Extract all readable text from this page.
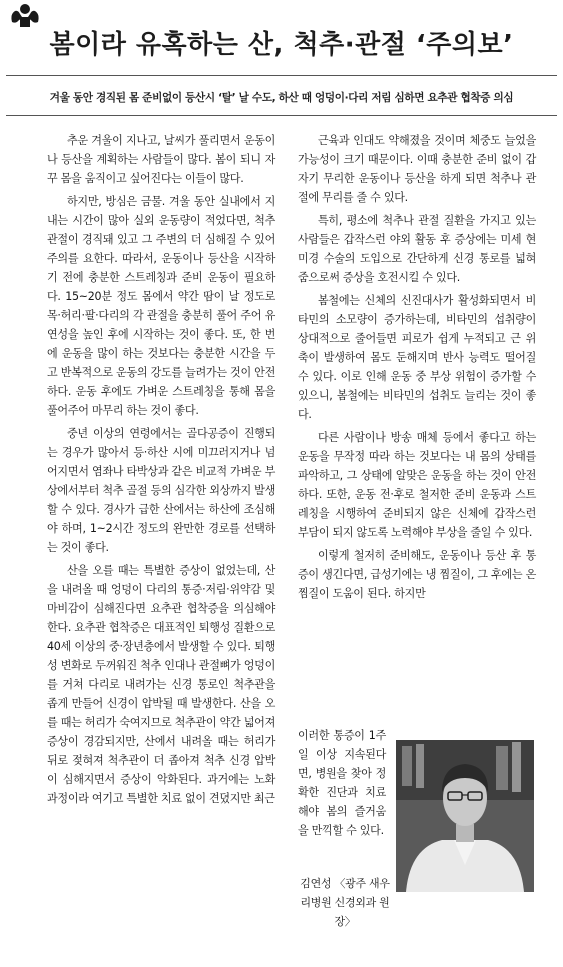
봄이라 유혹하는 산, 척추·관절 ‘주의보’
겨울 동안 경직된 몸 준비없이 등산시 ‘탈’ 날 수도, 하산 때 엉덩이·다리 저림 심하면 요추관 협착증 의심

추운 겨울이 지나고, 날씨가 풀리면서 운동이나 등산을 계획하는 사람들이 많다. 봄이 되니 자꾸 몸을 움직이고 싶어진다는 이들이 많다.

하지만, 방심은 금물. 겨울 동안 실내에서 지내는 시간이 많아 실외 운동량이 적었다면, 척추 관절이 경직돼 있고 그 주변의 더 심해질 수 있어 주의를 요한다. 따라서, 운동이나 등산을 시작하기 전에 충분한 스트레칭과 준비 운동이 필요하다. 15~20분 정도 몸에서 약간 땀이 날 정도로 목·허리·팔·다리의 각 관절을 충분히 풀어 주어 유연성을 높인 후에 시작하는 것이 좋다. 또, 한 번에 운동을 많이 하는 것보다는 충분한 시간을 두고 반복적으로 운동의 강도를 늘려가는 것이 안전하다. 운동 후에도 가벼운 스트레칭을 통해 몸을 풀어주어 마무리 하는 것이 좋다.

중년 이상의 연령에서는 골다공증이 진행되는 경우가 많아서 등·하산 시에 미끄러지거나 넘어지면서 염좌나 타박상과 같은 비교적 가벼운 부상에서부터 척추 골절 등의 심각한 외상까지 발생할 수 있다. 경사가 급한 산에서는 하산에 조심해야 하며, 1~2시간 정도의 완만한 경로를 선택하는 것이 좋다.

산을 오를 때는 특별한 증상이 없었는데, 산을 내려올 때 엉덩이 다리의 통증·저림·위약감 및 마비감이 심해진다면 요추관 협착증을 의심해야 한다. 요추관 협착증은 대표적인 퇴행성 질환으로 40세 이상의 중·장년층에서 발생할 수 있다. 퇴행성 변화로 두꺼워진 척추 인대나 관절뼈가 엉덩이를 거쳐 다리로 내려가는 신경 통로인 척추관을 좁게 만들어 신경이 압박될 때 발생한다. 산을 오를 때는 허리가 숙여지므로 척추관이 약간 넓어져 증상이 경감되지만, 산에서 내려올 때는 허리가 뒤로 젖혀져 척추관이 더 좁아져 척추 신경 압박이 심해지면서 증상이 악화된다. 과거에는 노화 과정이라 여기고 특별한 치료 없이 견뎠지만 최근

근육과 인대도 약해졌을 것이며 체중도 늘었을 가능성이 크기 때문이다. 이때 충분한 준비 없이 갑자기 무리한 운동이나 등산을 하게 되면 척추나 관절에 무리를 줄 수 있다.

특히, 평소에 척추나 관절 질환을 가지고 있는 사람들은 갑작스런 야외 활동 후 증상에는 미세 현미경 수술의 도입으로 간단하게 신경 통로를 넓혀줌으로써 증상을 호전시킬 수 있다.

봄철에는 신체의 신진대사가 활성화되면서 비타민의 소모량이 증가하는데, 비타민의 섭취량이 상대적으로 줄어들면 피로가 쉽게 누적되고 근 위축이 발생하여 몸도 둔해지며 반사 능력도 떨어질 수 있다. 이로 인해 운동 중 부상 위험이 증가할 수 있으니, 봄철에는 비타민의 섭취도 늘리는 것이 좋다.

다른 사람이나 방송 매체 등에서 좋다고 하는 운동을 무작정 따라 하는 것보다는 내 몸의 상태를 파악하고, 그 상태에 알맞은 운동을 하는 것이 안전하다. 또한, 운동 전·후로 철저한 준비 운동과 스트레칭을 시행하여 준비되지 않은 신체에 갑작스런 부담이 되지 않도록 노력해야 부상을 줄일 수 있다.

이렇게 철저히 준비해도, 운동이나 등산 후 통증이 생긴다면, 급성기에는 냉 찜질이, 그 후에는 온 찜질이 도움이 된다. 하지만

이러한 통증이 1주일 이상 지속된다면, 병원을 찾아 정확한 진단과 치료해야 봄의 즐거움을 만끽할 수 있다.

김연성 〈광주 새우리병원 신경외과 원장〉
